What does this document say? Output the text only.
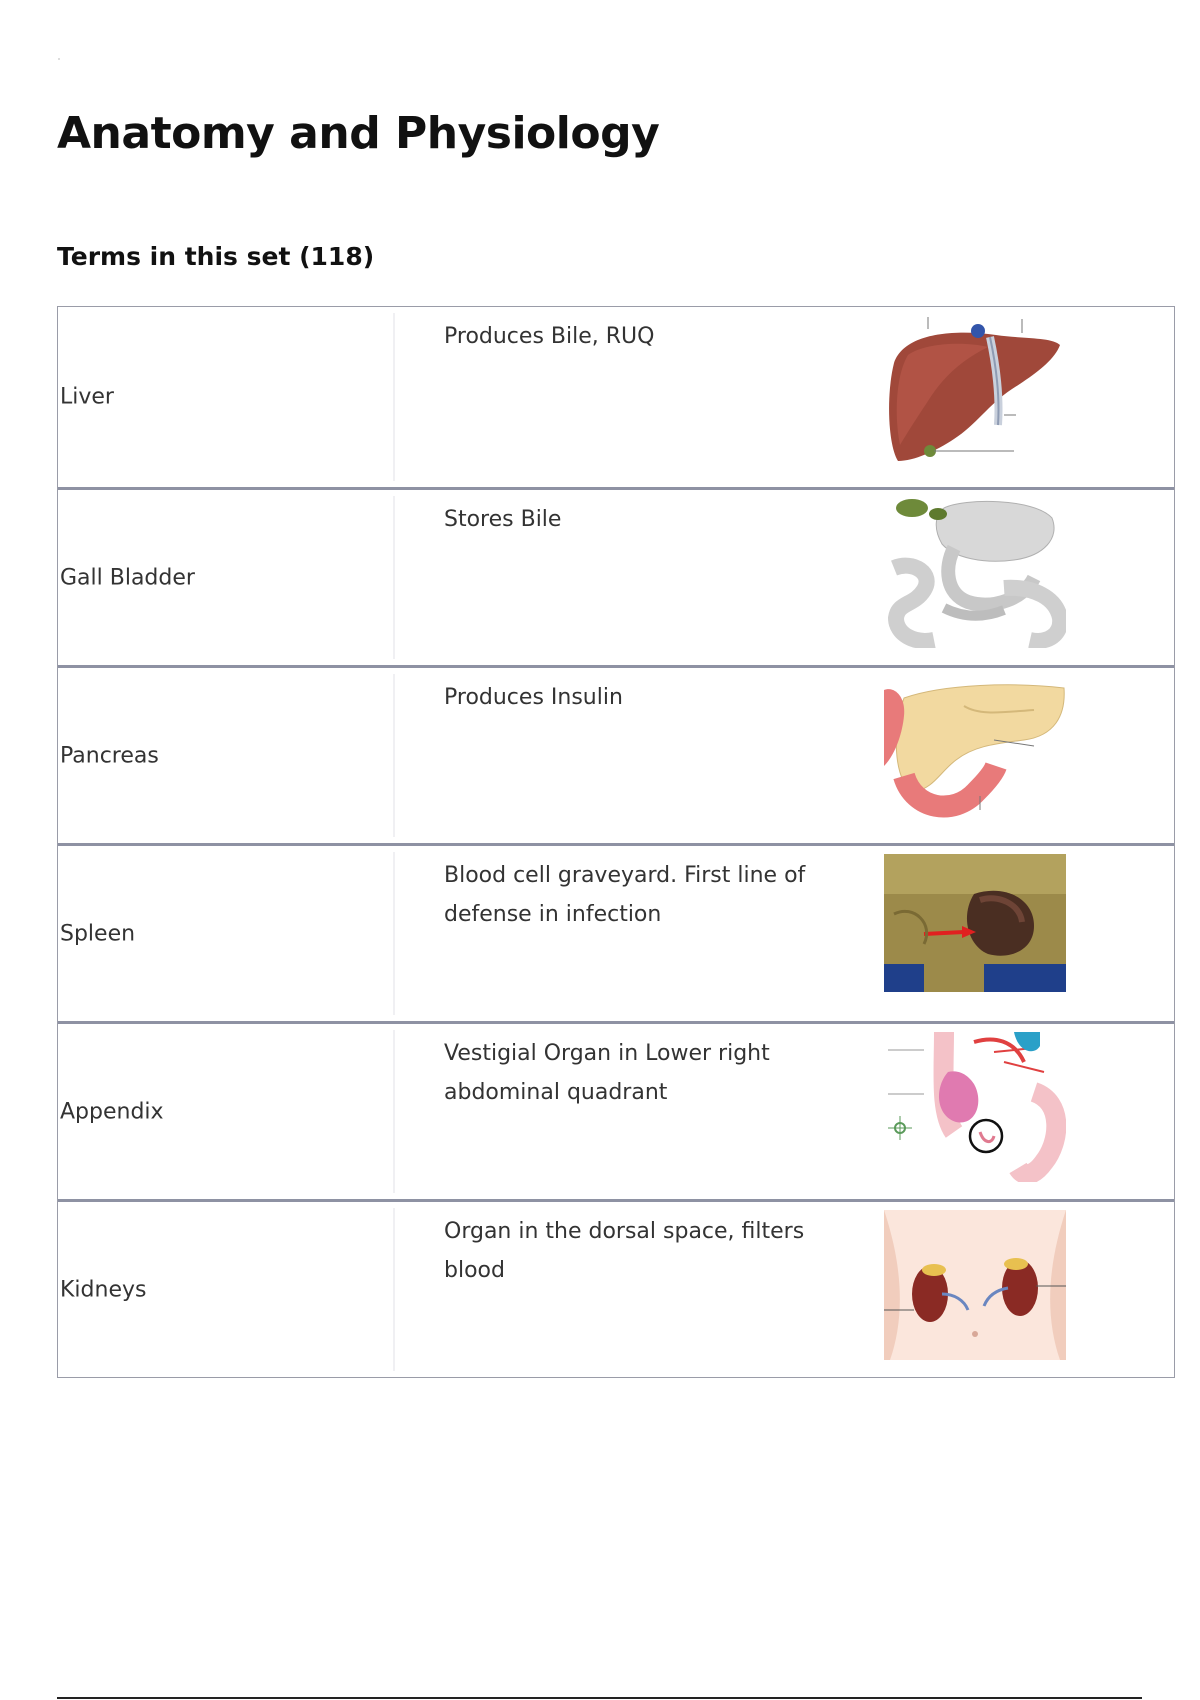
Anatomy and Physiology
Terms in this set (118)
Liver
Produces Bile, RUQ
Gall Bladder
Stores Bile
Pancreas
Produces Insulin
Spleen
Blood cell graveyard. First line of defense in infection
Appendix
Vestigial Organ in Lower right abdominal quadrant
Kidneys
Organ in the dorsal space, filters blood
